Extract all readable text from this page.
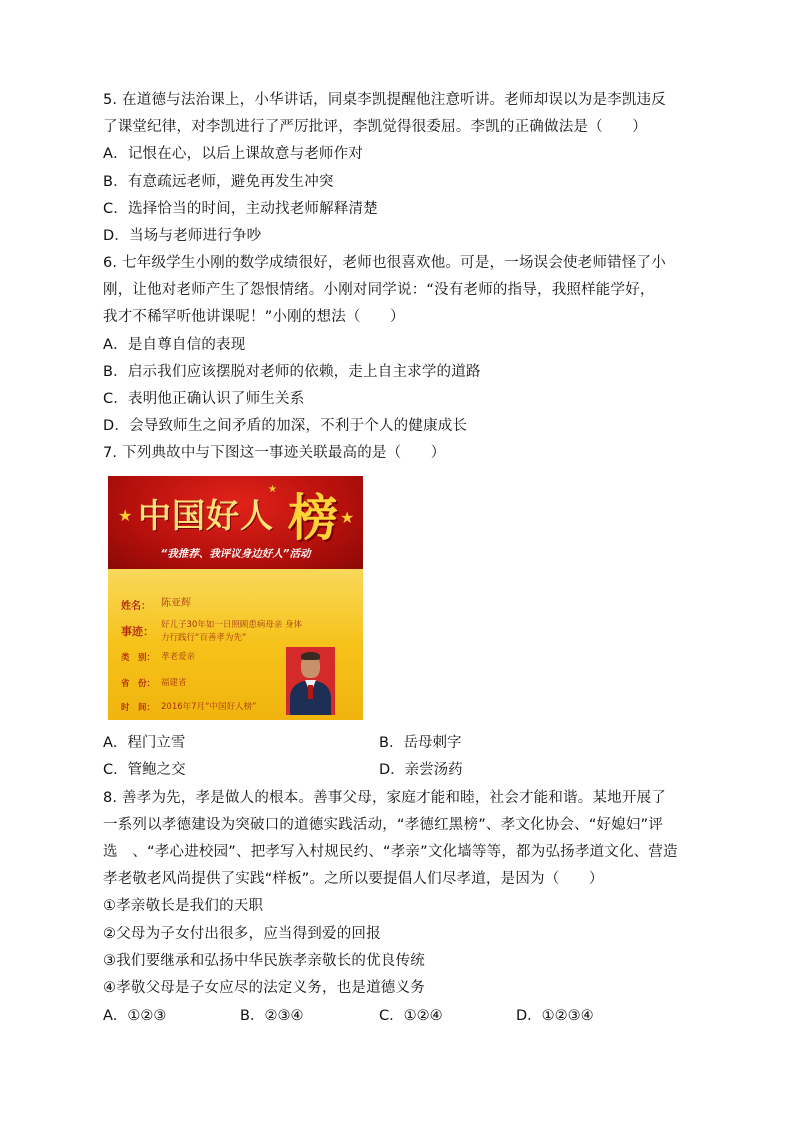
5. 在道德与法治课上，小华讲话，同桌李凯提醒他注意听讲。老师却误以为是李凯违反
了课堂纪律，对李凯进行了严厉批评，李凯觉得很委屈。李凯的正确做法是（　　）
A．记恨在心，以后上课故意与老师作对
B．有意疏远老师，避免再发生冲突
C．选择恰当的时间，主动找老师解释清楚
D．当场与老师进行争吵
6. 七年级学生小刚的数学成绩很好，老师也很喜欢他。可是，一场误会使老师错怪了小
刚，让他对老师产生了怨恨情绪。小刚对同学说：“没有老师的指导，我照样能学好，
我才不稀罕听他讲课呢！”小刚的想法（　　）
A．是自尊自信的表现
B．启示我们应该摆脱对老师的依赖，走上自主求学的道路
C．表明他正确认识了师生关系
D．会导致师生之间矛盾的加深，不利于个人的健康成长
7. 下列典故中与下图这一事迹关联最高的是（　　）
★	★
★
中国好人 榜
“我推荐、我评议身边好人”活动
姓名： 陈亚辉
事迹： 好儿子30年如一日照顾患病母亲 身体
力行践行“百善孝为先”
类　别： 孝老爱亲
省　份： 福建省
时　间： 2016年7月“中国好人榜”
A．程门立雪	B．岳母刺字
C．管鲍之交	D．亲尝汤药
8. 善孝为先，孝是做人的根本。善事父母，家庭才能和睦，社会才能和谐。某地开展了
一系列以孝德建设为突破口的道德实践活动，“孝德红黑榜”、孝文化协会、“好媳妇”评
选　、“孝心进校园”、把孝写入村规民约、“孝亲”文化墙等等，都为弘扬孝道文化、营造
孝老敬老风尚提供了实践“样板”。之所以要提倡人们尽孝道，是因为（　　）
①孝亲敬长是我们的天职
②父母为子女付出很多，应当得到爱的回报
③我们要继承和弘扬中华民族孝亲敬长的优良传统
④孝敬父母是子女应尽的法定义务，也是道德义务
A．①②③	B．②③④	C．①②④	D．①②③④
